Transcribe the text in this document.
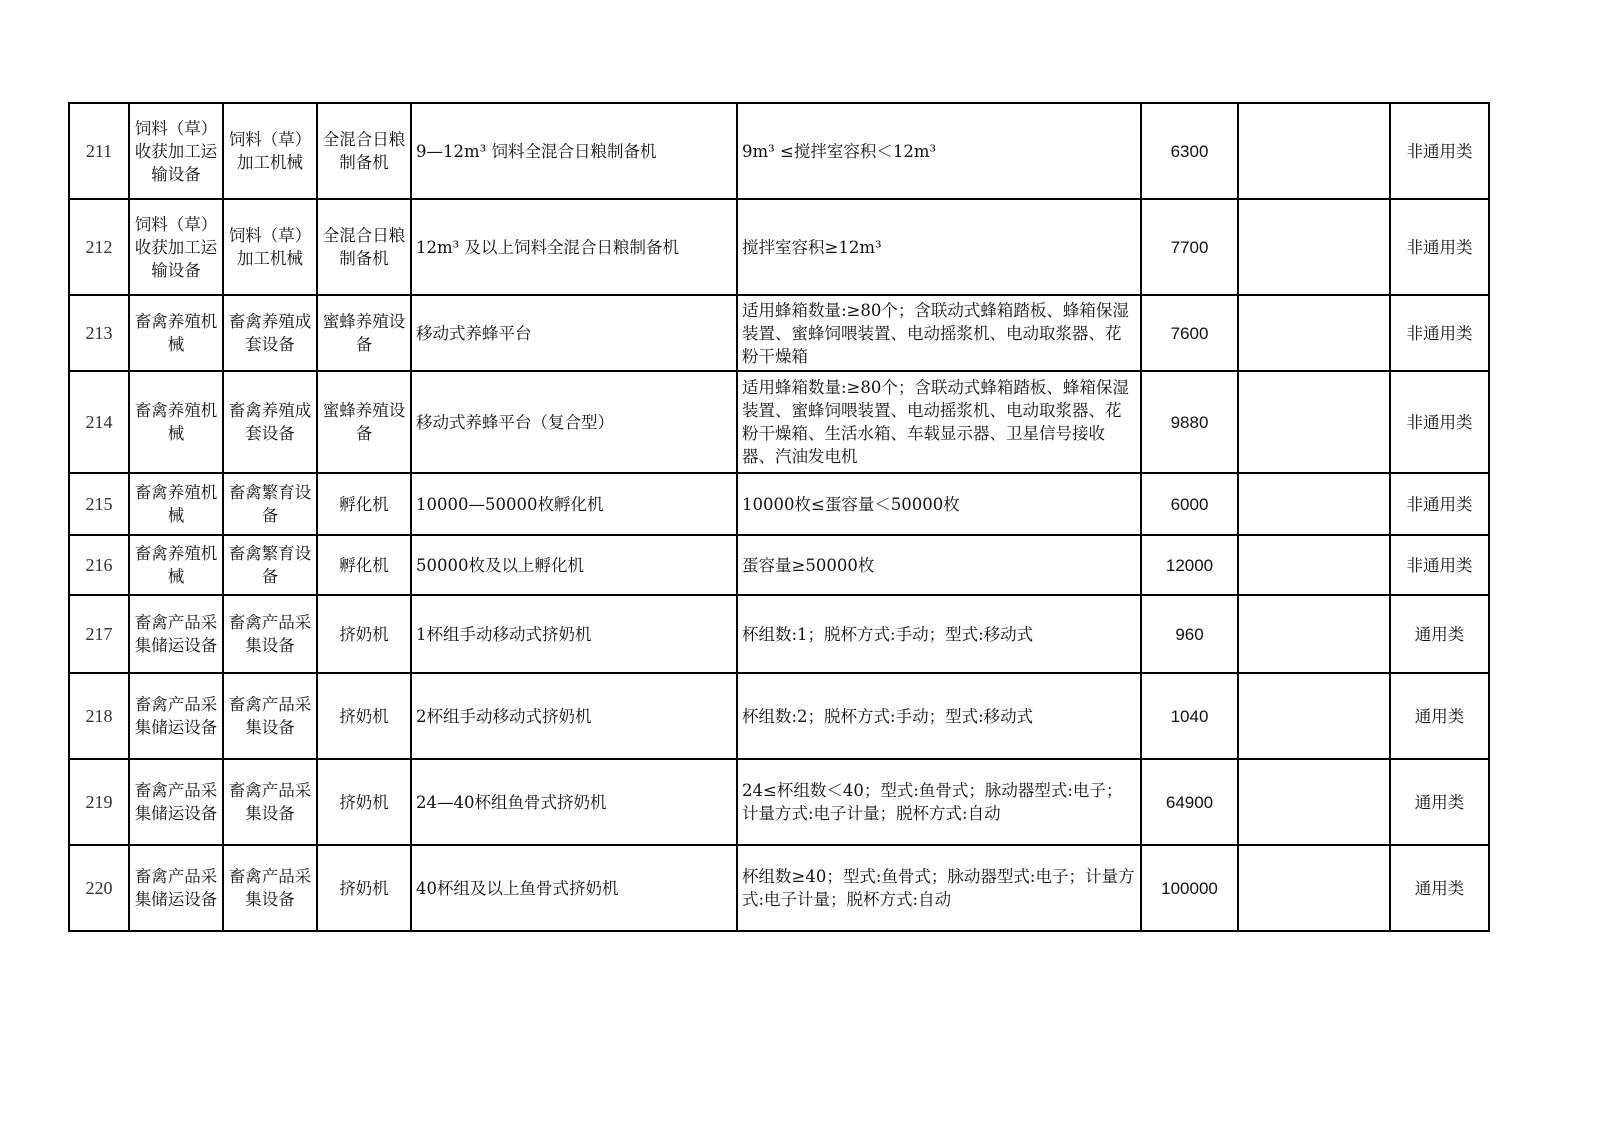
211	饲料（草）收获加工运输设备	饲料（草）加工机械	全混合日粮制备机	9—12m³ 饲料全混合日粮制备机	9m³ ≤搅拌室容积＜12m³	6300		非通用类
212	饲料（草）收获加工运输设备	饲料（草）加工机械	全混合日粮制备机	12m³ 及以上饲料全混合日粮制备机	搅拌室容积≥12m³	7700		非通用类
213	畜禽养殖机械	畜禽养殖成套设备	蜜蜂养殖设备	移动式养蜂平台	适用蜂箱数量:≥80个；含联动式蜂箱踏板、蜂箱保湿装置、蜜蜂饲喂装置、电动摇浆机、电动取浆器、花粉干燥箱	7600		非通用类
214	畜禽养殖机械	畜禽养殖成套设备	蜜蜂养殖设备	移动式养蜂平台（复合型）	适用蜂箱数量:≥80个；含联动式蜂箱踏板、蜂箱保湿装置、蜜蜂饲喂装置、电动摇浆机、电动取浆器、花粉干燥箱、生活水箱、车载显示器、卫星信号接收器、汽油发电机	9880		非通用类
215	畜禽养殖机械	畜禽繁育设备	孵化机	10000—50000枚孵化机	10000枚≤蛋容量＜50000枚	6000		非通用类
216	畜禽养殖机械	畜禽繁育设备	孵化机	50000枚及以上孵化机	蛋容量≥50000枚	12000		非通用类
217	畜禽产品采集储运设备	畜禽产品采集设备	挤奶机	1杯组手动移动式挤奶机	杯组数:1；脱杯方式:手动；型式:移动式	960		通用类
218	畜禽产品采集储运设备	畜禽产品采集设备	挤奶机	2杯组手动移动式挤奶机	杯组数:2；脱杯方式:手动；型式:移动式	1040		通用类
219	畜禽产品采集储运设备	畜禽产品采集设备	挤奶机	24—40杯组鱼骨式挤奶机	24≤杯组数＜40；型式:鱼骨式；脉动器型式:电子；计量方式:电子计量；脱杯方式:自动	64900		通用类
220	畜禽产品采集储运设备	畜禽产品采集设备	挤奶机	40杯组及以上鱼骨式挤奶机	杯组数≥40；型式:鱼骨式；脉动器型式:电子；计量方式:电子计量；脱杯方式:自动	100000		通用类
